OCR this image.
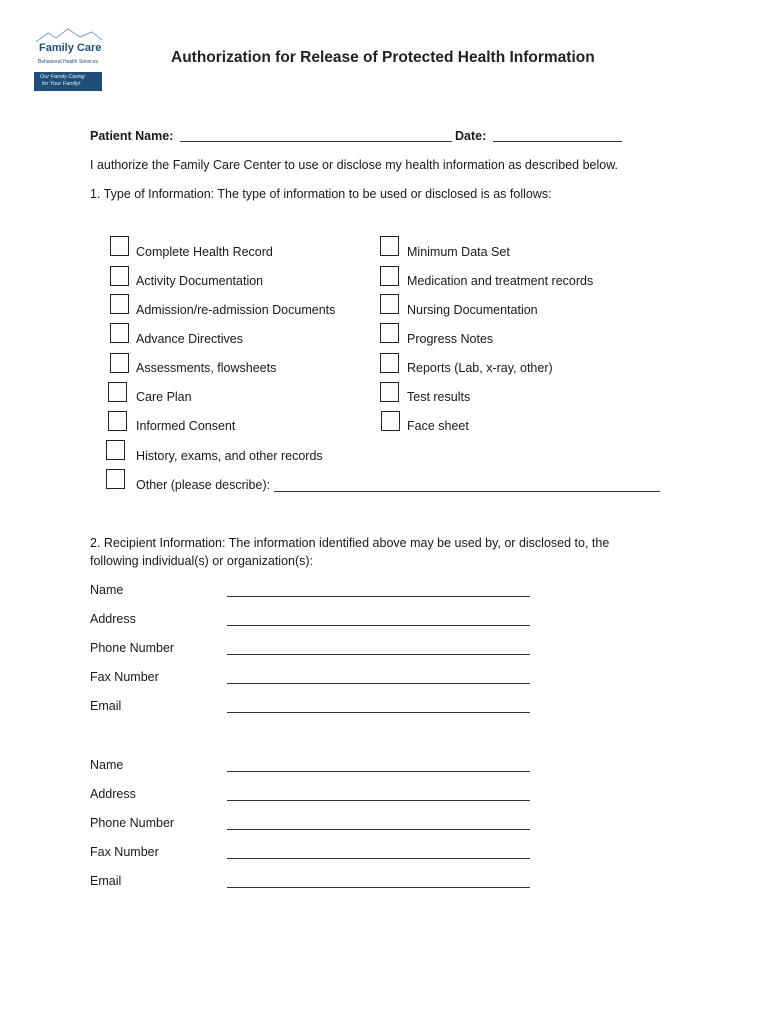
Family Care
Behavioral Health Services
Our Family Caring
for Your Family!
Authorization for Release of Protected Health Information
Patient Name:	Date:
I authorize the Family Care Center to use or disclose my health information as described below.
1. Type of Information: The type of information to be used or disclosed is as follows:
Complete Health Record
Activity Documentation
Admission/re-admission Documents
Advance Directives
Assessments, flowsheets
Care Plan
Informed Consent
History, exams, and other records
Other (please describe):
Minimum Data Set
Medication and treatment records
Nursing Documentation
Progress Notes
Reports (Lab, x-ray, other)
Test results
Face sheet
2. Recipient Information: The information identified above may be used by, or disclosed to, the
following individual(s) or organization(s):
Name
Address
Phone Number
Fax Number
Email
Name
Address
Phone Number
Fax Number
Email
